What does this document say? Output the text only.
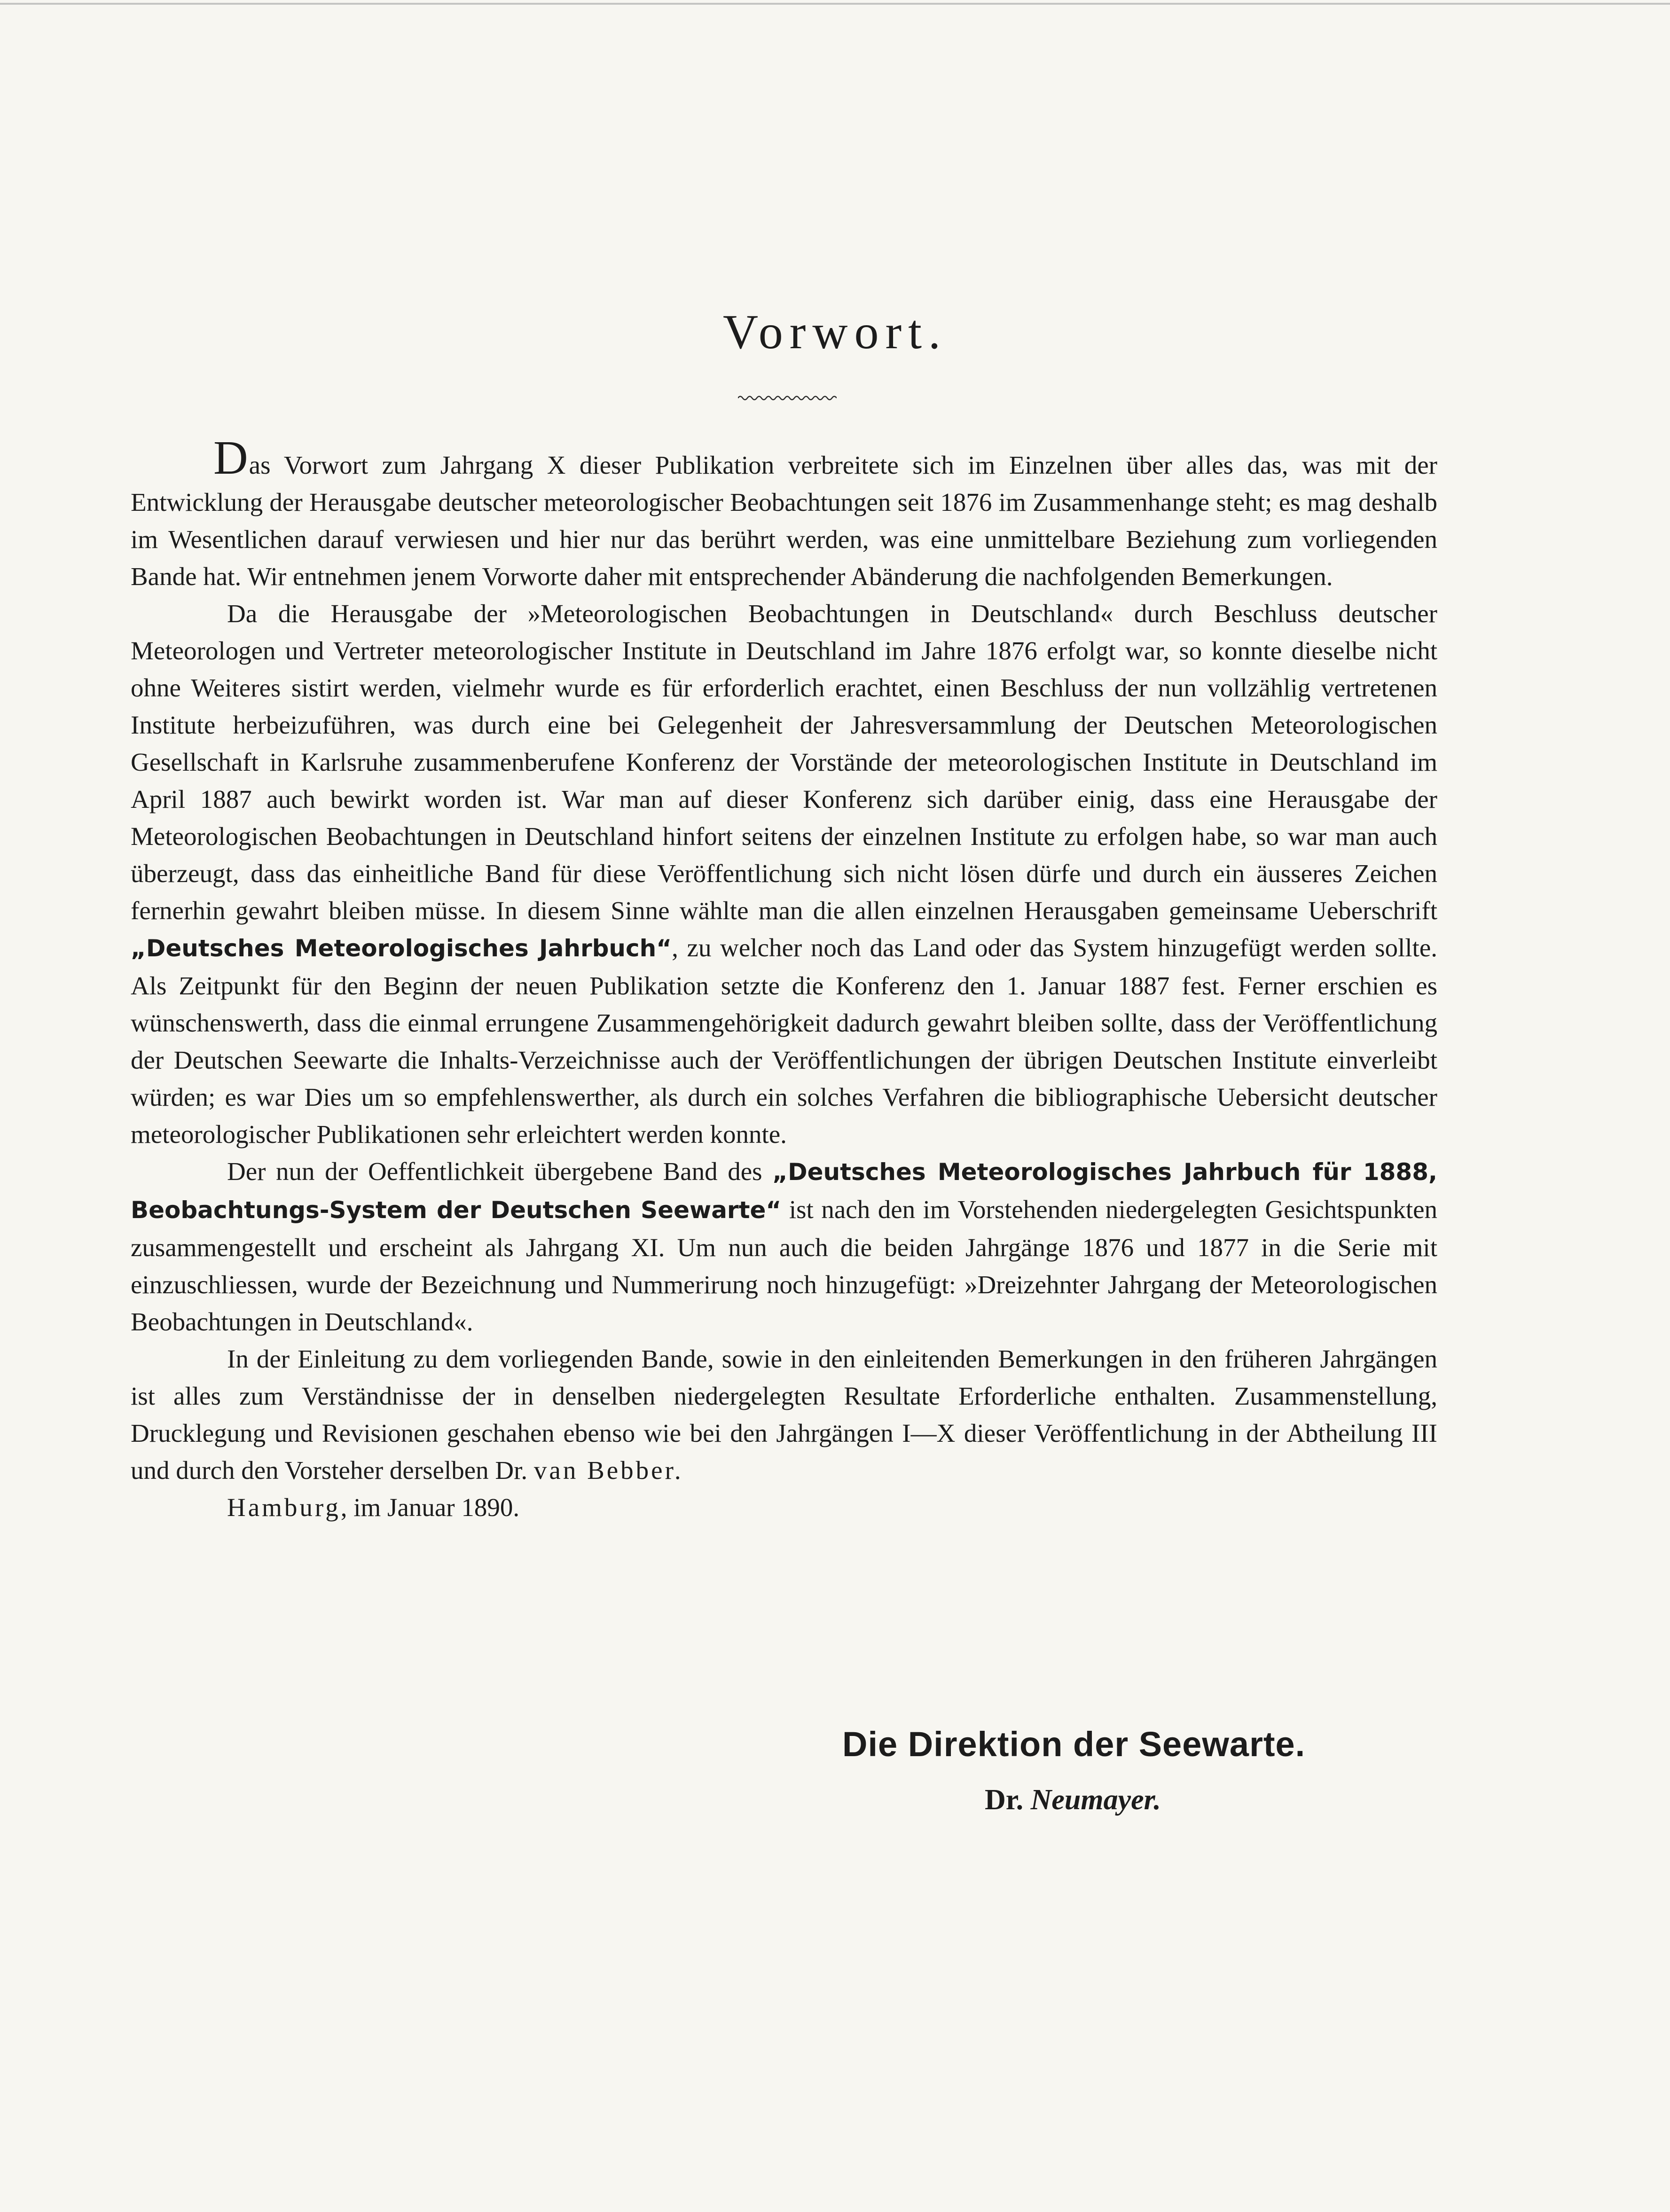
Vorwort.

Das Vorwort zum Jahrgang X dieser Publikation verbreitete sich im Einzelnen über alles das, was mit der Entwicklung der Herausgabe deutscher meteorologischer Beobachtungen seit 1876 im Zusammenhange steht; es mag deshalb im Wesentlichen darauf verwiesen und hier nur das berührt werden, was eine unmittelbare Beziehung zum vorliegenden Bande hat. Wir entnehmen jenem Vorworte daher mit entsprechender Abänderung die nachfolgenden Bemerkungen.

Da die Herausgabe der »Meteorologischen Beobachtungen in Deutschland« durch Beschluss deutscher Meteorologen und Vertreter meteorologischer Institute in Deutschland im Jahre 1876 erfolgt war, so konnte dieselbe nicht ohne Weiteres sistirt werden, vielmehr wurde es für erforderlich erachtet, einen Beschluss der nun vollzählig vertretenen Institute herbeizuführen, was durch eine bei Gelegenheit der Jahresversammlung der Deutschen Meteorologischen Gesellschaft in Karlsruhe zusammenberufene Konferenz der Vorstände der meteorologischen Institute in Deutschland im April 1887 auch bewirkt worden ist. War man auf dieser Konferenz sich darüber einig, dass eine Herausgabe der Meteorologischen Beobachtungen in Deutschland hinfort seitens der einzelnen Institute zu erfolgen habe, so war man auch überzeugt, dass das einheitliche Band für diese Veröffentlichung sich nicht lösen dürfe und durch ein äusseres Zeichen fernerhin gewahrt bleiben müsse. In diesem Sinne wählte man die allen einzelnen Herausgaben gemeinsame Ueberschrift „Deutsches Meteorologisches Jahrbuch“, zu welcher noch das Land oder das System hinzugefügt werden sollte. Als Zeitpunkt für den Beginn der neuen Publikation setzte die Konferenz den 1. Januar 1887 fest. Ferner erschien es wünschenswerth, dass die einmal errungene Zusammengehörigkeit dadurch gewahrt bleiben sollte, dass der Veröffentlichung der Deutschen Seewarte die Inhalts-Verzeichnisse auch der Veröffentlichungen der übrigen Deutschen Institute einverleibt würden; es war Dies um so empfehlenswerther, als durch ein solches Verfahren die bibliographische Uebersicht deutscher meteorologischer Publikationen sehr erleichtert werden konnte.

Der nun der Oeffentlichkeit übergebene Band des „Deutsches Meteorologisches Jahrbuch für 1888, Beobachtungs-System der Deutschen Seewarte“ ist nach den im Vorstehenden niedergelegten Gesichtspunkten zusammengestellt und erscheint als Jahrgang XI. Um nun auch die beiden Jahrgänge 1876 und 1877 in die Serie mit einzuschliessen, wurde der Bezeichnung und Nummerirung noch hinzugefügt: »Dreizehnter Jahrgang der Meteorologischen Beobachtungen in Deutschland«.

In der Einleitung zu dem vorliegenden Bande, sowie in den einleitenden Bemerkungen in den früheren Jahrgängen ist alles zum Verständnisse der in denselben niedergelegten Resultate Erforderliche enthalten. Zusammenstellung, Drucklegung und Revisionen geschahen ebenso wie bei den Jahrgängen I—X dieser Veröffentlichung in der Abtheilung III und durch den Vorsteher derselben Dr. van Bebber.

Hamburg, im Januar 1890.

Die Direktion der Seewarte.

Dr. Neumayer.
